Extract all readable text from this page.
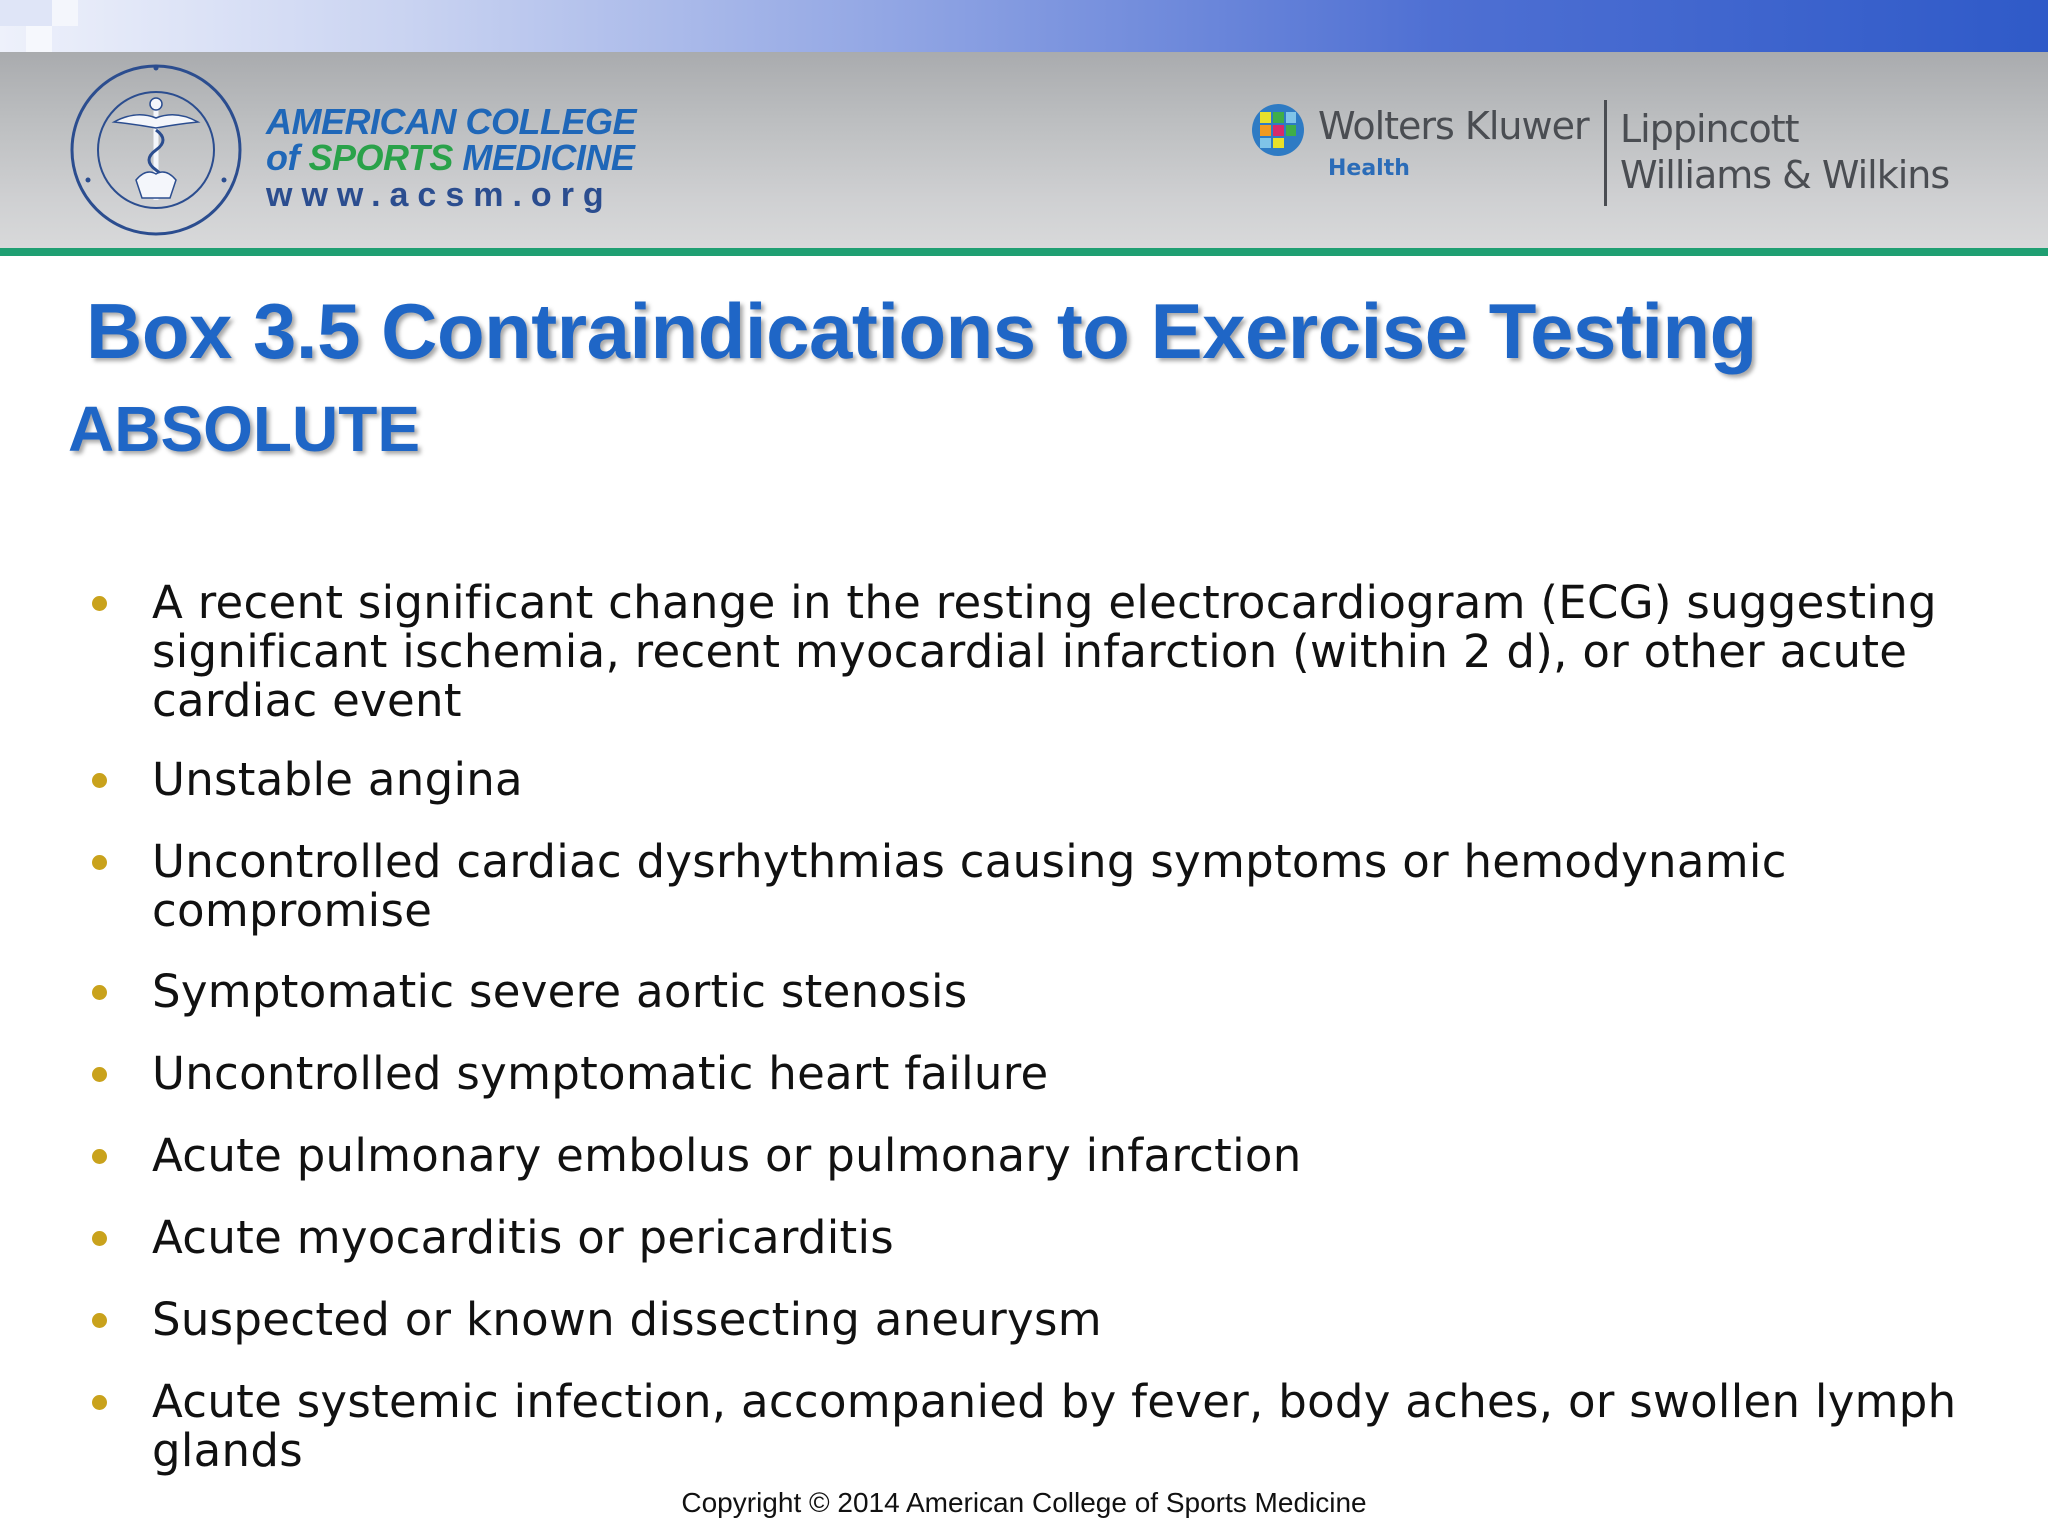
AMERICAN COLLEGE
of SPORTS MEDICINE
www.acsm.org
Wolters Kluwer
Health
Lippincott
Williams & Wilkins
Box 3.5 Contraindications to Exercise Testing
ABSOLUTE
A recent significant change in the resting electrocardiogram (ECG) suggesting significant ischemia, recent myocardial infarction (within 2 d), or other acute cardiac event
Unstable angina
Uncontrolled cardiac dysrhythmias causing symptoms or hemodynamic compromise
Symptomatic severe aortic stenosis
Uncontrolled symptomatic heart failure
Acute pulmonary embolus or pulmonary infarction
Acute myocarditis or pericarditis
Suspected or known dissecting aneurysm
Acute systemic infection, accompanied by fever, body aches, or swollen lymph glands
Copyright © 2014 American College of Sports Medicine
